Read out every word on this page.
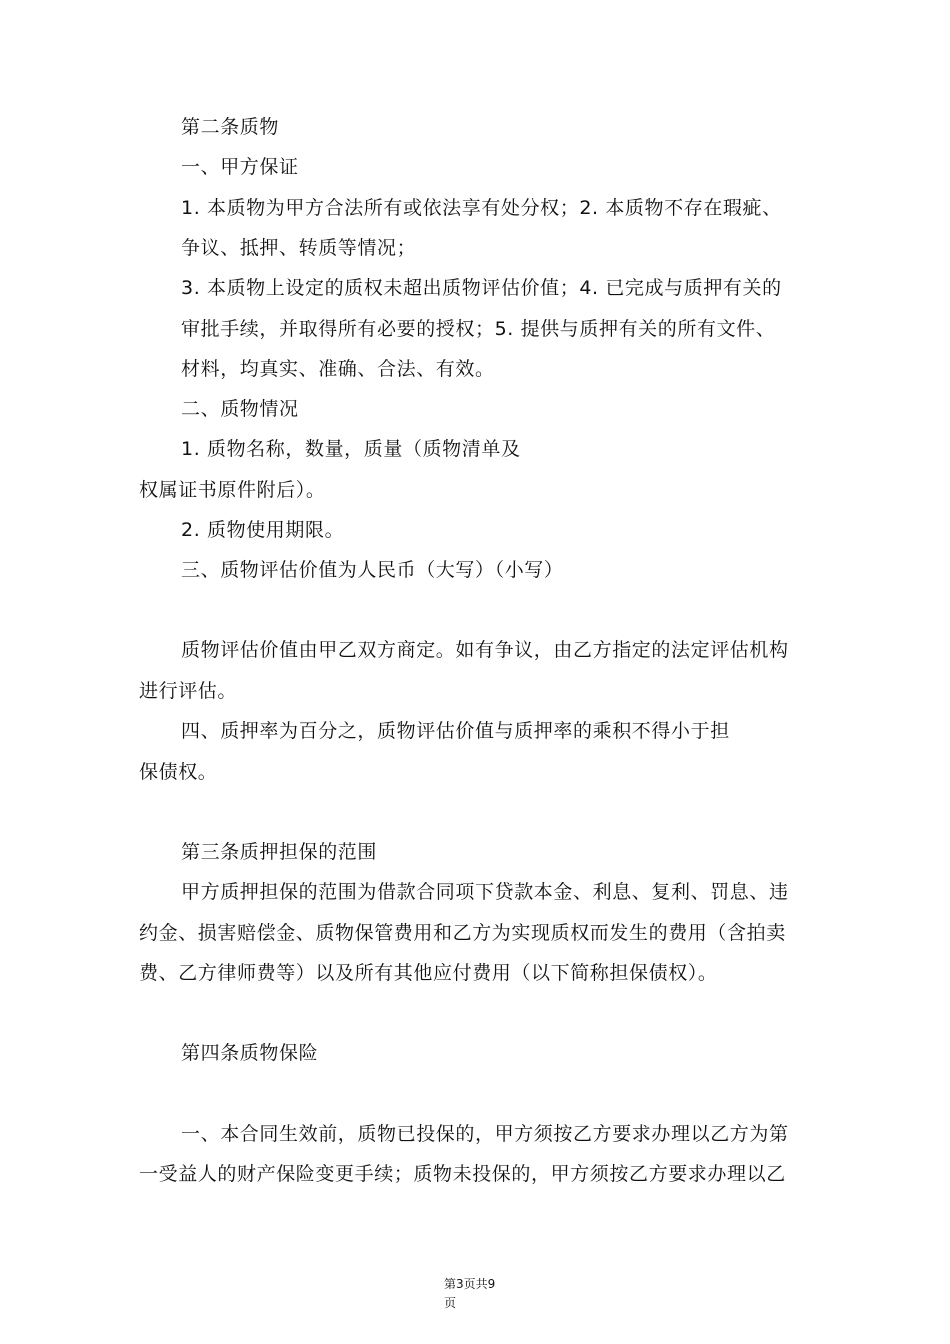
第二条质物
一、甲方保证
1. 本质物为甲方合法所有或依法享有处分权；2. 本质物不存在瑕疵、
争议、抵押、转质等情况；
3. 本质物上设定的质权未超出质物评估价值；4. 已完成与质押有关的
审批手续，并取得所有必要的授权；5. 提供与质押有关的所有文件、
材料，均真实、准确、合法、有效。
二、质物情况
1. 质物名称，数量，质量（质物清单及
权属证书原件附后）。
2. 质物使用期限。
三、质物评估价值为人民币（大写）（小写）
质物评估价值由甲乙双方商定。如有争议，由乙方指定的法定评估机构
进行评估。
四、质押率为百分之，质物评估价值与质押率的乘积不得小于担
保债权。
第三条质押担保的范围
甲方质押担保的范围为借款合同项下贷款本金、利息、复利、罚息、违
约金、损害赔偿金、质物保管费用和乙方为实现质权而发生的费用（含拍卖
费、乙方律师费等）以及所有其他应付费用（以下简称担保债权）。
第四条质物保险
一、本合同生效前，质物已投保的，甲方须按乙方要求办理以乙方为第
一受益人的财产保险变更手续；质物未投保的，甲方须按乙方要求办理以乙
第3页共9
页
